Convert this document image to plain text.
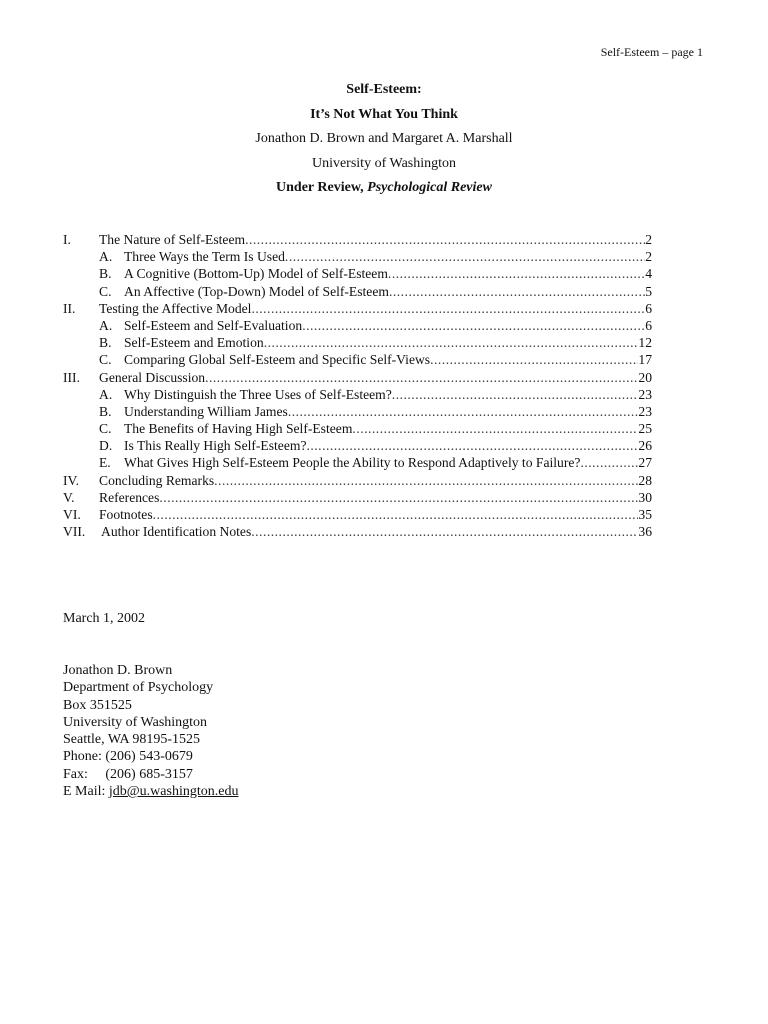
Self-Esteem – page 1
Self-Esteem:
It’s Not What You Think
Jonathon D. Brown and Margaret A. Marshall
University of Washington
Under Review, Psychological Review
I.	The Nature of Self-Esteem .....	2
A. Three Ways the Term Is Used .....	2
B. A Cognitive (Bottom-Up) Model of Self-Esteem .....	4
C. An Affective (Top-Down) Model of Self-Esteem .....	5
II.	Testing the Affective Model .....	6
A. Self-Esteem and Self-Evaluation .....	6
B. Self-Esteem and Emotion .....	12
C. Comparing Global Self-Esteem and Specific Self-Views .....	17
III.	General Discussion .....	20
A. Why Distinguish the Three Uses of Self-Esteem? .....	23
B. Understanding William James .....	23
C. The Benefits of Having High Self-Esteem .....	25
D. Is This Really High Self-Esteem? .....	26
E. What Gives High Self-Esteem People the Ability to Respond Adaptively to Failure? .....	27
IV.	Concluding Remarks .....	28
V.	References .....	30
VI.	Footnotes .....	35
VII.	Author Identification Notes .....	36
March 1, 2002
Jonathon D. Brown
Department of Psychology
Box 351525
University of Washington
Seattle, WA 98195-1525
Phone: (206) 543-0679
Fax:     (206) 685-3157
E Mail: jdb@u.washington.edu
